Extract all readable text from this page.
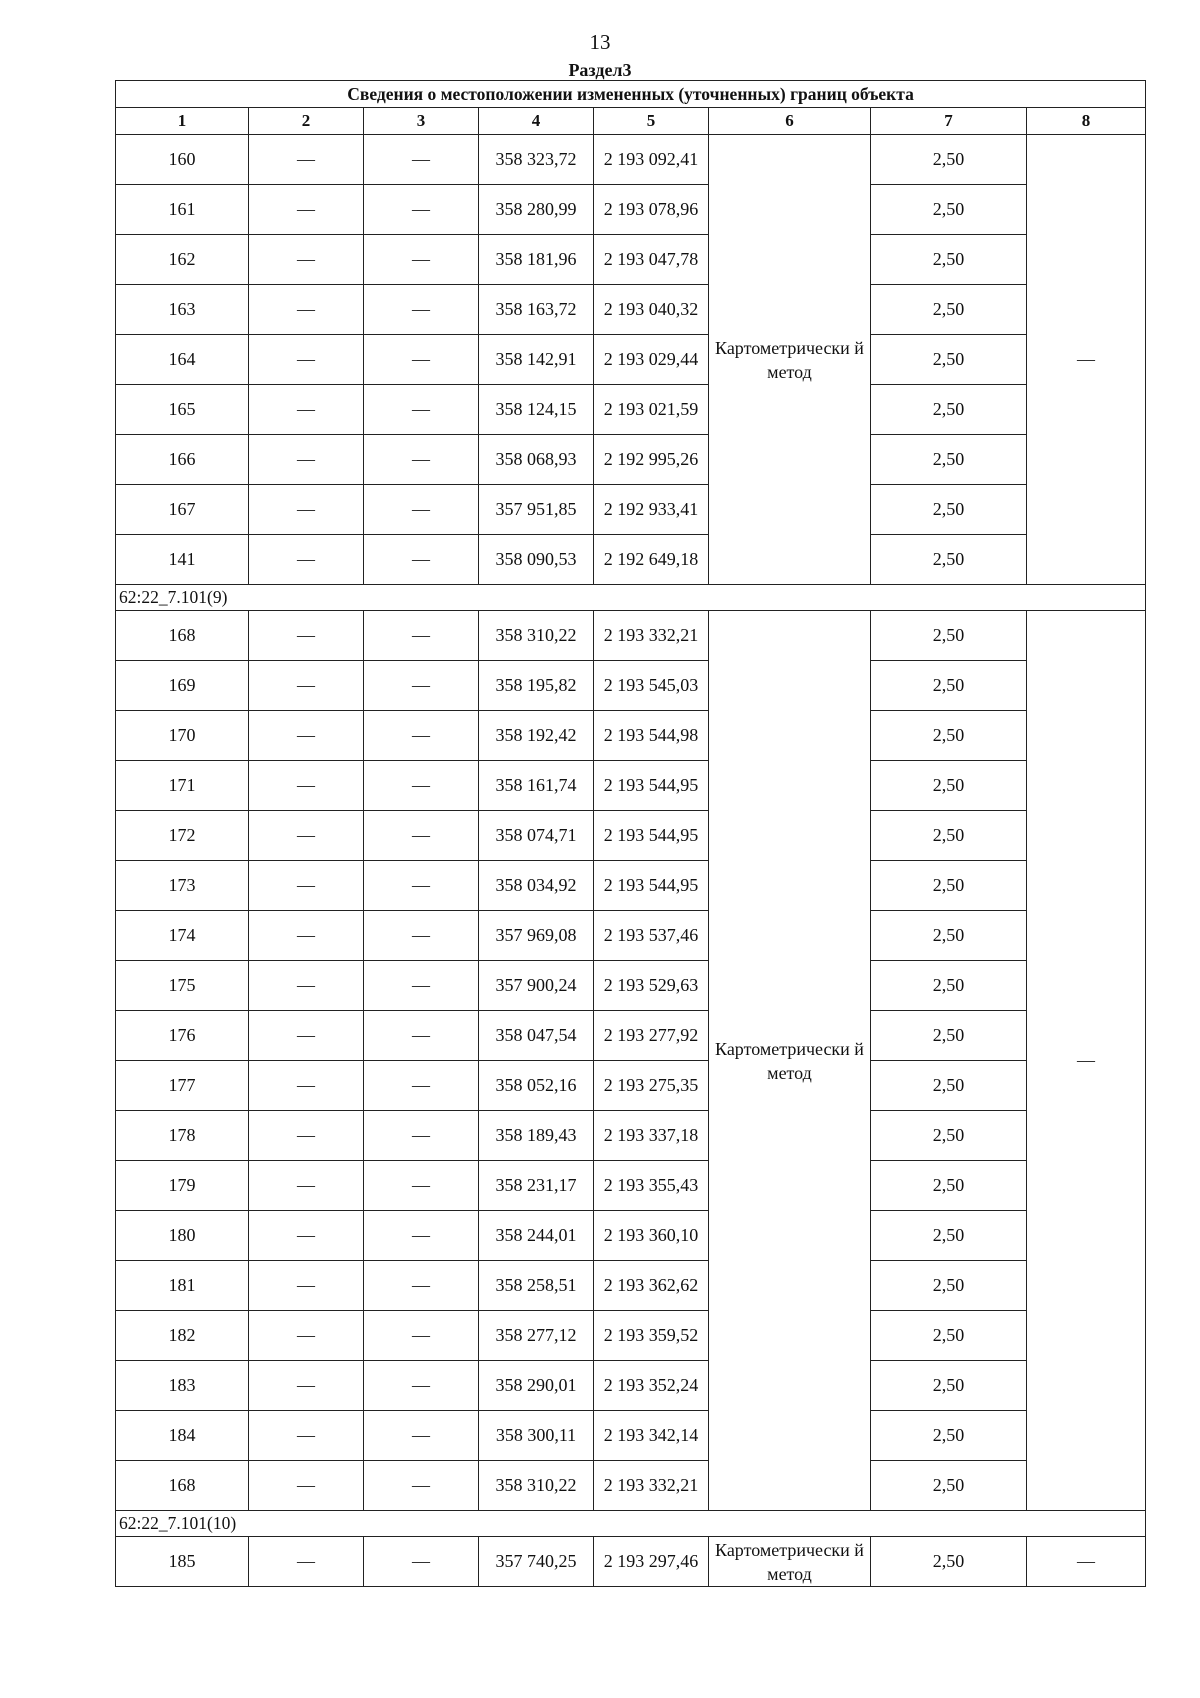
13
Раздел3
Сведения о местоположении измененных (уточненных) границ объекта							
1	2	3	4	5	6	7	8
160	—	—	358 323,72	2 193 092,41	Картометрически й метод	2,50	—
161	—	—	358 280,99	2 193 078,96		2,50	
162	—	—	358 181,96	2 193 047,78		2,50	
163	—	—	358 163,72	2 193 040,32		2,50	
164	—	—	358 142,91	2 193 029,44		2,50	
165	—	—	358 124,15	2 193 021,59		2,50	
166	—	—	358 068,93	2 192 995,26		2,50	
167	—	—	357 951,85	2 192 933,41		2,50	
141	—	—	358 090,53	2 192 649,18		2,50	
62:22_7.101(9)							
168	—	—	358 310,22	2 193 332,21	Картометрически й метод	2,50	—
169	—	—	358 195,82	2 193 545,03		2,50	
170	—	—	358 192,42	2 193 544,98		2,50	
171	—	—	358 161,74	2 193 544,95		2,50	
172	—	—	358 074,71	2 193 544,95		2,50	
173	—	—	358 034,92	2 193 544,95		2,50	
174	—	—	357 969,08	2 193 537,46		2,50	
175	—	—	357 900,24	2 193 529,63		2,50	
176	—	—	358 047,54	2 193 277,92		2,50	
177	—	—	358 052,16	2 193 275,35		2,50	
178	—	—	358 189,43	2 193 337,18		2,50	
179	—	—	358 231,17	2 193 355,43		2,50	
180	—	—	358 244,01	2 193 360,10		2,50	
181	—	—	358 258,51	2 193 362,62		2,50	
182	—	—	358 277,12	2 193 359,52		2,50	
183	—	—	358 290,01	2 193 352,24		2,50	
184	—	—	358 300,11	2 193 342,14		2,50	
168	—	—	358 310,22	2 193 332,21		2,50	
62:22_7.101(10)							
185	—	—	357 740,25	2 193 297,46	Картометрически й метод	2,50	—
